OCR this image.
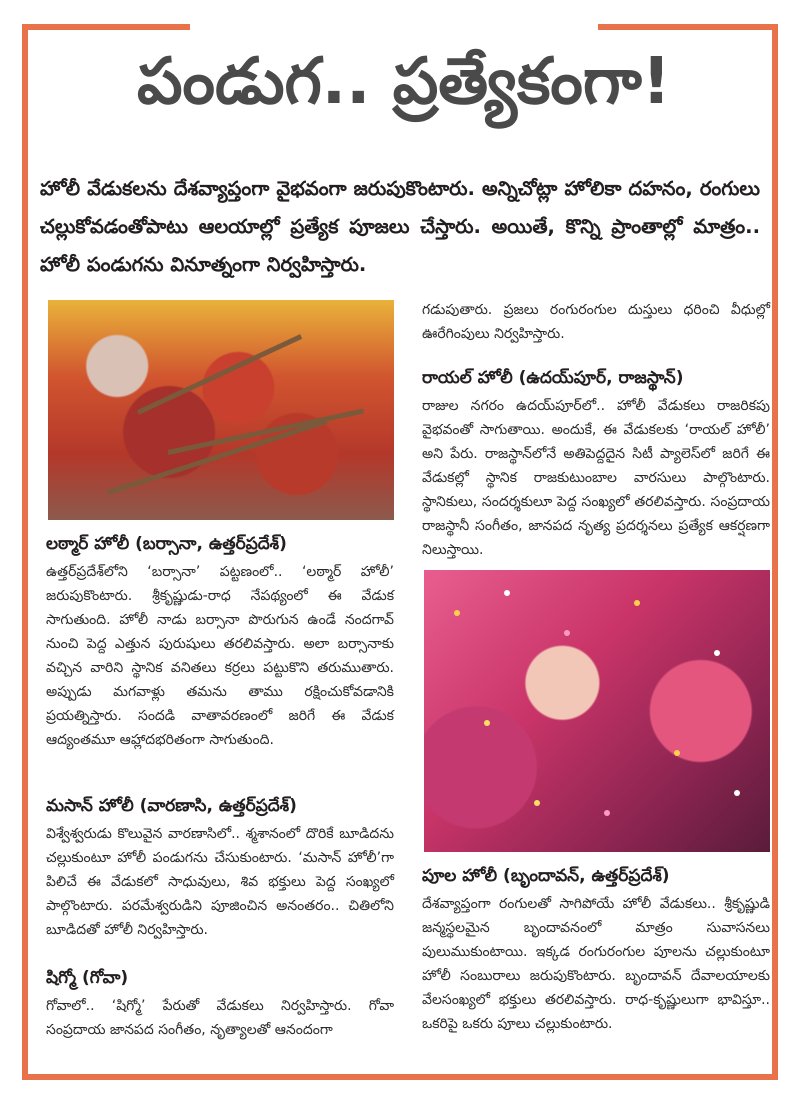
పండుగ.. ప్రత్యేకంగా!
హోలీ వేడుకలను దేశవ్యాప్తంగా వైభవంగా జరుపుకొంటారు. అన్నిచోట్లా హోలికా దహనం, రంగులు చల్లుకోవడంతోపాటు ఆలయాల్లో ప్రత్యేక పూజలు చేస్తారు. అయితే, కొన్ని ప్రాంతాల్లో మాత్రం.. హోలీ పండుగను వినూత్నంగా నిర్వహిస్తారు.
లఠ్మార్ హోలీ (బర్సానా, ఉత్తర్‌ప్రదేశ్)
ఉత్తర్‌ప్రదేశ్‌లోని ‘బర్సానా’ పట్టణంలో.. ‘లఠ్మార్ హోలీ’ జరుపుకొంటారు. శ్రీకృష్ణుడు-రాధ నేపథ్యంలో ఈ వేడుక సాగుతుంది. హోలీ నాడు బర్సానా పొరుగున ఉండే నందగావ్ నుంచి పెద్ద ఎత్తున పురుషులు తరలివస్తారు. అలా బర్సానాకు వచ్చిన వారిని స్థానిక వనితలు కర్రలు పట్టుకొని తరుముతారు. అప్పుడు మగవాళ్లు తమను తాము రక్షించుకోవడానికి ప్రయత్నిస్తారు. సందడి వాతావరణంలో జరిగే ఈ వేడుక ఆద్యంతమూ ఆహ్లాదభరితంగా సాగుతుంది.
మసాన్ హోలీ (వారణాసి, ఉత్తర్‌ప్రదేశ్)
విశ్వేశ్వరుడు కొలువైన వారణాసిలో.. శ్మశానంలో దొరికే బూడిదను చల్లుకుంటూ హోలీ పండుగను చేసుకుంటారు. ‘మసాన్ హోలీ’గా పిలిచే ఈ వేడుకలో సాధువులు, శివ భక్తులు పెద్ద సంఖ్యలో పాల్గొంటారు. పరమేశ్వరుడిని పూజించిన అనంతరం.. చితిలోని బూడిదతో హోలీ నిర్వహిస్తారు.
షిగ్మో (గోవా)
గోవాలో.. ‘షిగ్మో’ పేరుతో వేడుకలు నిర్వహిస్తారు. గోవా సంప్రదాయ జానపద సంగీతం, నృత్యాలతో ఆనందంగా
గడుపుతారు. ప్రజలు రంగురంగుల దుస్తులు ధరించి వీధుల్లో ఊరేగింపులు నిర్వహిస్తారు.
రాయల్ హోలీ (ఉదయ్‌పూర్, రాజస్థాన్)
రాజుల నగరం ఉదయ్‌పూర్‌లో.. హోలీ వేడుకలు రాజరికపు వైభవంతో సాగుతాయి. అందుకే, ఈ వేడుకలకు ‘రాయల్ హోలీ’ అని పేరు. రాజస్థాన్‌లోనే అతిపెద్దదైన సిటీ ప్యాలెస్‌లో జరిగే ఈ వేడుకల్లో స్థానిక రాజకుటుంబాల వారసులు పాల్గొంటారు. స్థానికులు, సందర్శకులూ పెద్ద సంఖ్యలో తరలివస్తారు. సంప్రదాయ రాజస్థానీ సంగీతం, జానపద నృత్య ప్రదర్శనలు ప్రత్యేక ఆకర్షణగా నిలుస్తాయి.
పూల హోలీ (బృందావన్, ఉత్తర్‌ప్రదేశ్)
దేశవ్యాప్తంగా రంగులతో సాగిపోయే హోలీ వేడుకలు.. శ్రీకృష్ణుడి జన్మస్థలమైన బృందావనంలో మాత్రం సువాసనలు పులుముకుంటాయి. ఇక్కడ రంగురంగుల పూలను చల్లుకుంటూ హోలీ సంబురాలు జరుపుకొంటారు. బృందావన్ దేవాలయాలకు వేలసంఖ్యలో భక్తులు తరలివస్తారు. రాధ-కృష్ణులుగా భావిస్తూ.. ఒకరిపై ఒకరు పూలు చల్లుకుంటారు.
